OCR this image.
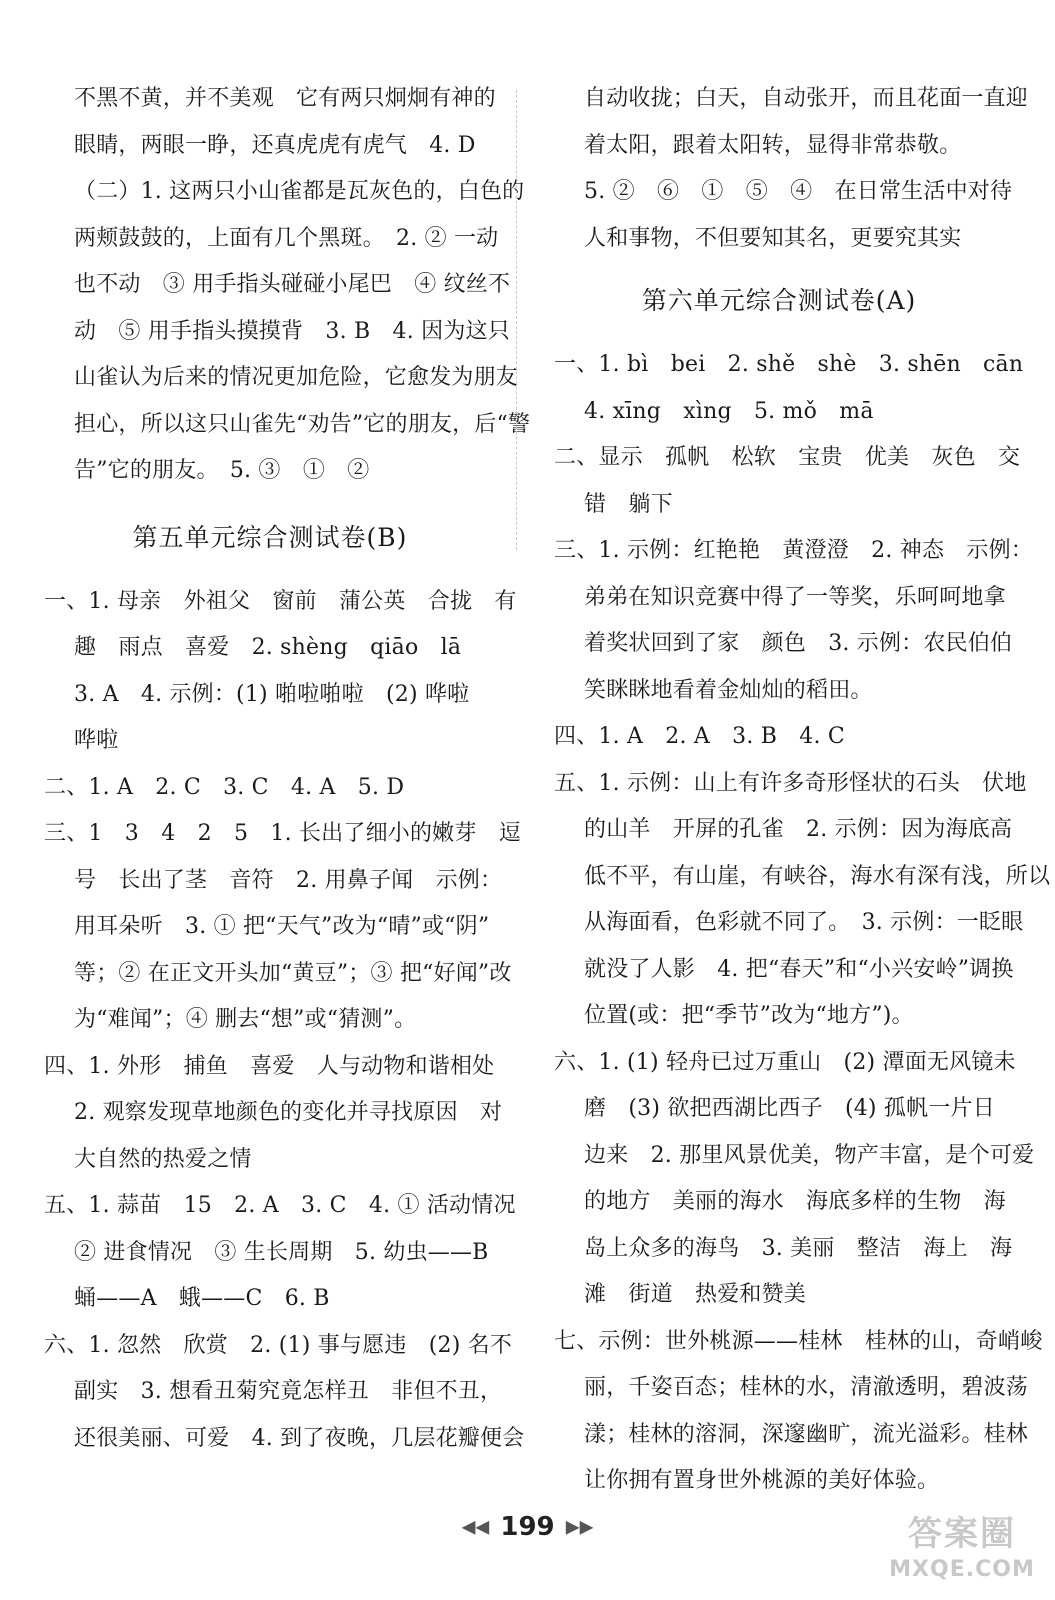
不黑不黄，并不美观　它有两只炯炯有神的
眼睛，两眼一睁，还真虎虎有虎气　4. D
（二）1. 这两只小山雀都是瓦灰色的，白色的
两颊鼓鼓的，上面有几个黑斑。　2. ② 一动
也不动　③ 用手指头碰碰小尾巴　④ 纹丝不
动　⑤ 用手指头摸摸背　3. B　4. 因为这只
山雀认为后来的情况更加危险，它愈发为朋友
担心，所以这只山雀先“劝告”它的朋友，后“警
告”它的朋友。　5. ③　①　②
第五单元综合测试卷(B)
一、1. 母亲　外祖父　窗前　蒲公英　合拢　有
趣　雨点　喜爱　2. shèng　qiāo　lā
3. A　4. 示例：(1) 啪啦啪啦　(2) 哗啦
哗啦
二、1. A　2. C　3. C　4. A　5. D
三、1　3　4　2　5　1. 长出了细小的嫩芽　逗
号　长出了茎　音符　2. 用鼻子闻　示例：
用耳朵听　3. ① 把“天气”改为“晴”或“阴”
等；② 在正文开头加“黄豆”；③ 把“好闻”改
为“难闻”；④ 删去“想”或“猜测”。
四、1. 外形　捕鱼　喜爱　人与动物和谐相处
2. 观察发现草地颜色的变化并寻找原因　对
大自然的热爱之情
五、1. 蒜苗　15　2. A　3. C　4. ① 活动情况
② 进食情况　③ 生长周期　5. 幼虫——B
蛹——A　蛾——C　6. B
六、1. 忽然　欣赏　2. (1) 事与愿违　(2) 名不
副实　3. 想看丑菊究竟怎样丑　非但不丑，
还很美丽、可爱　4. 到了夜晚，几层花瓣便会
自动收拢；白天，自动张开，而且花面一直迎
着太阳，跟着太阳转，显得非常恭敬。
5. ②　⑥　①　⑤　④　在日常生活中对待
人和事物，不但要知其名，更要究其实
第六单元综合测试卷(A)
一、1. bì　bei　2. shě　shè　3. shēn　cān
4. xīng　xìng　5. mǒ　mā
二、显示　孤帆　松软　宝贵　优美　灰色　交
错　躺下
三、1. 示例：红艳艳　黄澄澄　2. 神态　示例：
弟弟在知识竞赛中得了一等奖，乐呵呵地拿
着奖状回到了家　颜色　3. 示例：农民伯伯
笑眯眯地看着金灿灿的稻田。
四、1. A　2. A　3. B　4. C
五、1. 示例：山上有许多奇形怪状的石头　伏地
的山羊　开屏的孔雀　2. 示例：因为海底高
低不平，有山崖，有峡谷，海水有深有浅，所以
从海面看，色彩就不同了。　3. 示例：一眨眼
就没了人影　4. 把“春天”和“小兴安岭”调换
位置(或：把“季节”改为“地方”)。
六、1. (1) 轻舟已过万重山　(2) 潭面无风镜未
磨　(3) 欲把西湖比西子　(4) 孤帆一片日
边来　2. 那里风景优美，物产丰富，是个可爱
的地方　美丽的海水　海底多样的生物　海
岛上众多的海鸟　3. 美丽　整洁　海上　海
滩　街道　热爱和赞美
七、示例：世外桃源——桂林　桂林的山，奇峭峻
丽，千姿百态；桂林的水，清澈透明，碧波荡
漾；桂林的溶洞，深邃幽旷，流光溢彩。桂林
让你拥有置身世外桃源的美好体验。
◀◀ 199 ▶▶	答案圈
MXQE.COM
